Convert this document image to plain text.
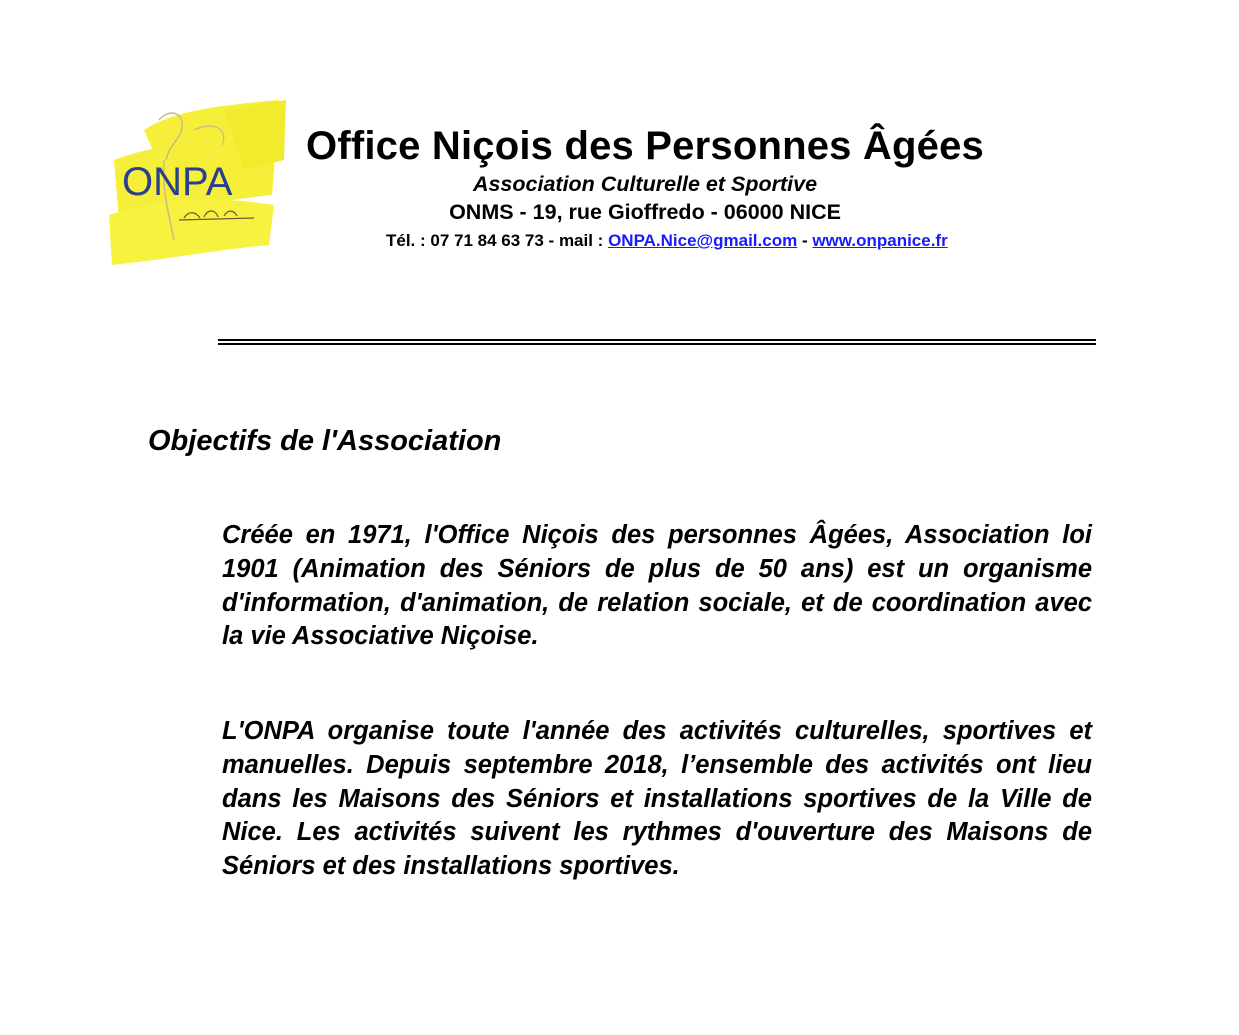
ONPA
Office Niçois des Personnes Âgées
Association Culturelle et Sportive
ONMS - 19, rue Gioffredo - 06000 NICE
Tél. : 07 71 84 63 73 - mail : ONPA.Nice@gmail.com - www.onpanice.fr
Objectifs de l'Association
Créée en 1971, l'Office Niçois des personnes Âgées, Association loi 1901 (Animation des Séniors de plus de 50 ans) est un organisme d'information, d'animation, de relation sociale, et de coordination avec la vie Associative Niçoise.
L'ONPA organise toute l'année des activités culturelles, sportives et manuelles. Depuis septembre 2018, l’ensemble des activités ont lieu dans les Maisons des Séniors et installations sportives de la Ville de Nice. Les activités suivent les rythmes d'ouverture des Maisons de Séniors et des installations sportives.
